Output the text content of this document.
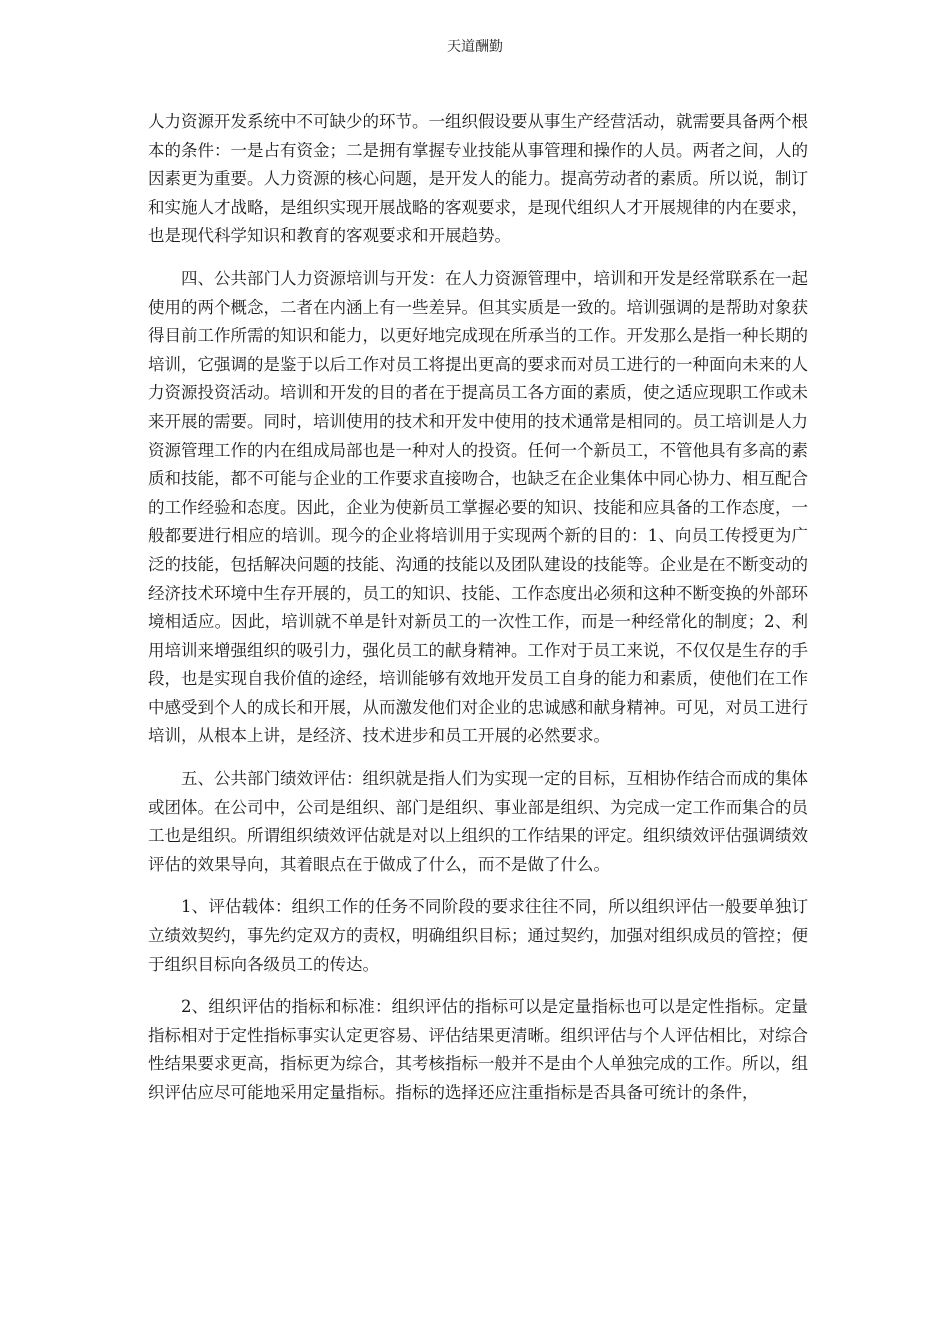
天道酬勤

人力资源开发系统中不可缺少的环节。一组织假设要从事生产经营活动，就需要具备两个根本的条件：一是占有资金；二是拥有掌握专业技能从事管理和操作的人员。两者之间，人的因素更为重要。人力资源的核心问题，是开发人的能力。提高劳动者的素质。所以说，制订和实施人才战略，是组织实现开展战略的客观要求，是现代组织人才开展规律的内在要求，也是现代科学知识和教育的客观要求和开展趋势。

四、公共部门人力资源培训与开发：在人力资源管理中，培训和开发是经常联系在一起使用的两个概念，二者在内涵上有一些差异。但其实质是一致的。培训强调的是帮助对象获得目前工作所需的知识和能力，以更好地完成现在所承当的工作。开发那么是指一种长期的培训，它强调的是鉴于以后工作对员工将提出更高的要求而对员工进行的一种面向未来的人力资源投资活动。培训和开发的目的者在于提高员工各方面的素质，使之适应现职工作或未来开展的需要。同时，培训使用的技术和开发中使用的技术通常是相同的。员工培训是人力资源管理工作的内在组成局部也是一种对人的投资。任何一个新员工，不管他具有多高的素质和技能，都不可能与企业的工作要求直接吻合，也缺乏在企业集体中同心协力、相互配合的工作经验和态度。因此，企业为使新员工掌握必要的知识、技能和应具备的工作态度，一般都要进行相应的培训。现今的企业将培训用于实现两个新的目的：1、向员工传授更为广泛的技能，包括解决问题的技能、沟通的技能以及团队建设的技能等。企业是在不断变动的经济技术环境中生存开展的，员工的知识、技能、工作态度出必须和这种不断变换的外部环境相适应。因此，培训就不单是针对新员工的一次性工作，而是一种经常化的制度；2、利用培训来增强组织的吸引力，强化员工的献身精神。工作对于员工来说，不仅仅是生存的手段，也是实现自我价值的途经，培训能够有效地开发员工自身的能力和素质，使他们在工作中感受到个人的成长和开展，从而激发他们对企业的忠诚感和献身精神。可见，对员工进行培训，从根本上讲，是经济、技术进步和员工开展的必然要求。

五、公共部门绩效评估：组织就是指人们为实现一定的目标，互相协作结合而成的集体或团体。在公司中，公司是组织、部门是组织、事业部是组织、为完成一定工作而集合的员工也是组织。所谓组织绩效评估就是对以上组织的工作结果的评定。组织绩效评估强调绩效评估的效果导向，其着眼点在于做成了什么，而不是做了什么。

1、评估载体：组织工作的任务不同阶段的要求往往不同，所以组织评估一般要单独订立绩效契约，事先约定双方的责权，明确组织目标；通过契约，加强对组织成员的管控；便于组织目标向各级员工的传达。

2、组织评估的指标和标准：组织评估的指标可以是定量指标也可以是定性指标。定量指标相对于定性指标事实认定更容易、评估结果更清晰。组织评估与个人评估相比，对综合性结果要求更高，指标更为综合，其考核指标一般并不是由个人单独完成的工作。所以，组织评估应尽可能地采用定量指标。指标的选择还应注重指标是否具备可统计的条件，
